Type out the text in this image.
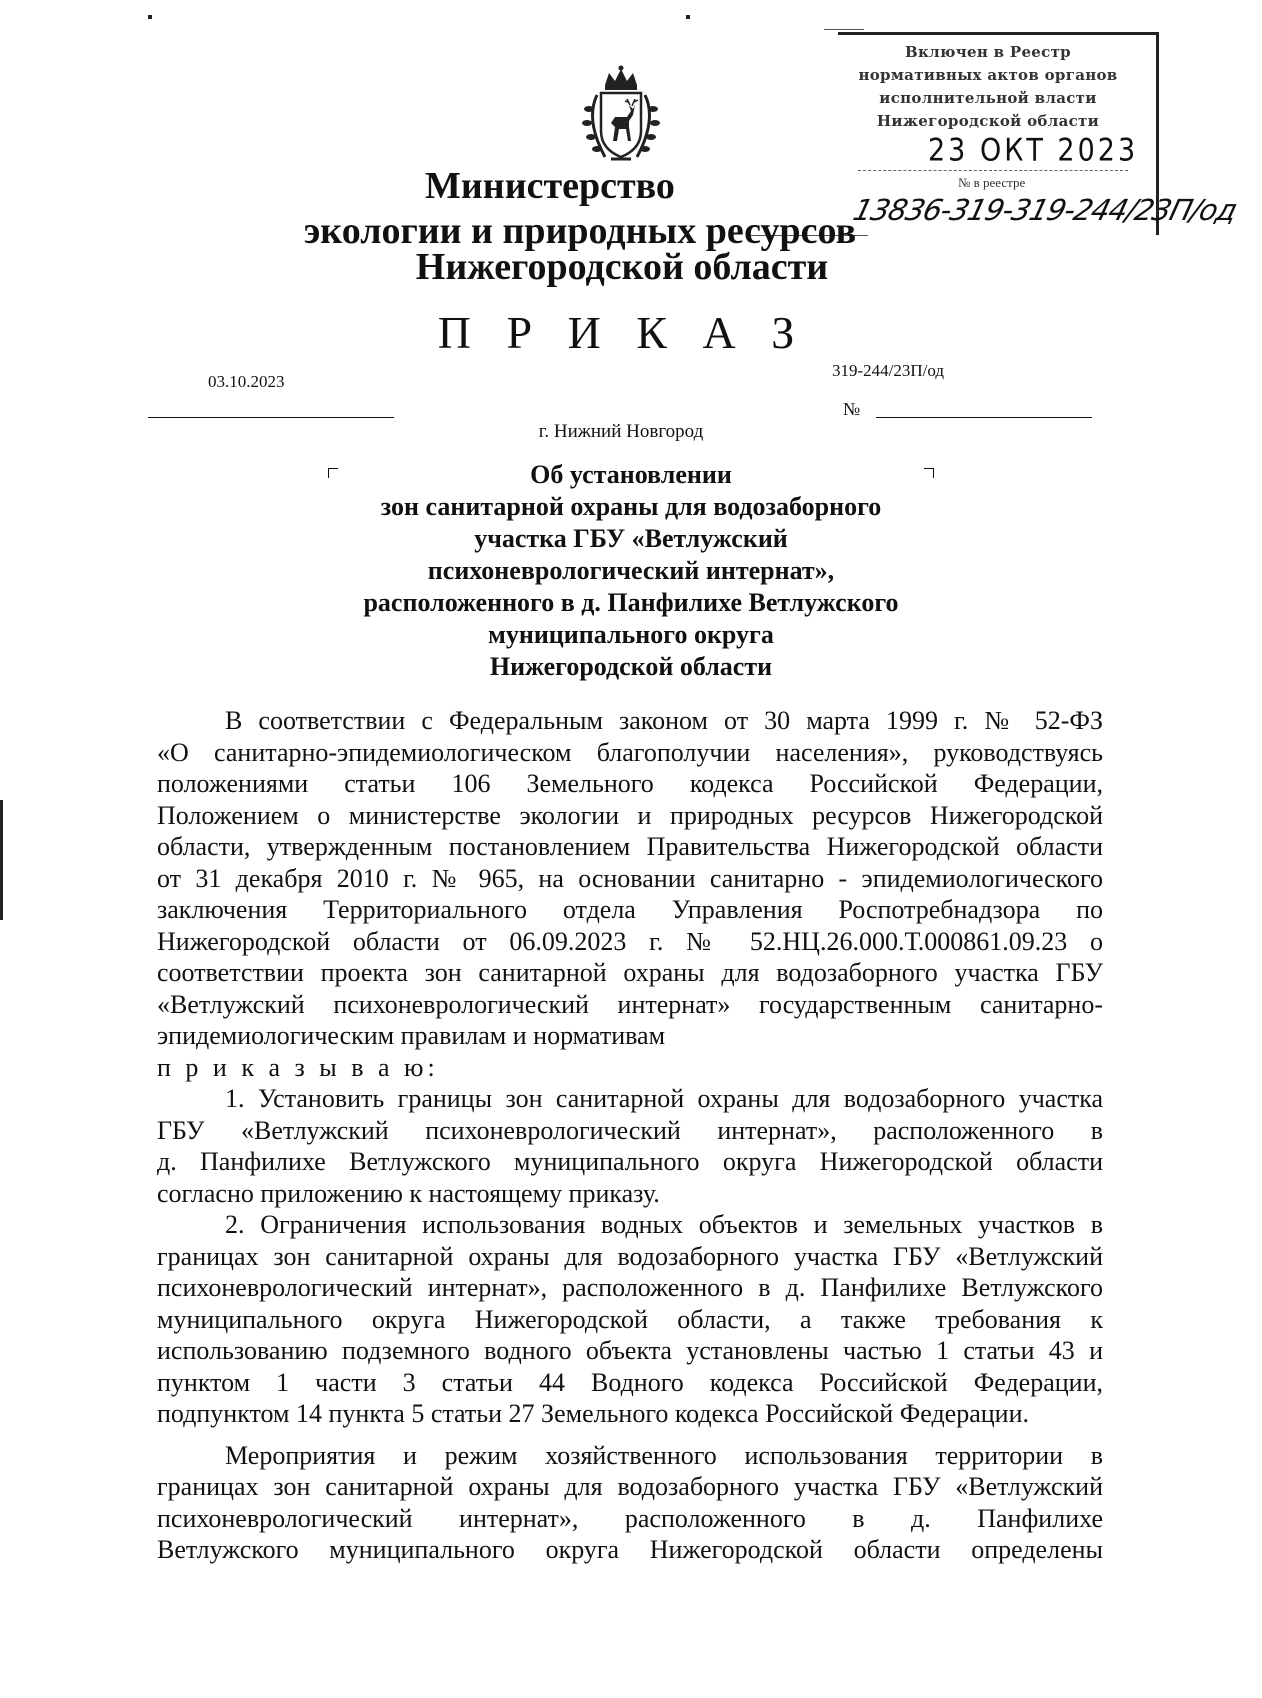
Включен в Реестр
нормативных актов органов
исполнительной власти
Нижегородской области
23 ОКТ 2023
№ в реестре
13836-319-319-244/23П/од
Министерство
экологии и природных ресурсов
Нижегородской области
П Р И К А З
03.10.2023
319-244/23П/од
№
г. Нижний Новгород
Об установлении
зон санитарной охраны для водозаборного
участка ГБУ «Ветлужский
психоневрологический интернат»,
расположенного в д. Панфилихе Ветлужского
муниципального округа
Нижегородской области

В соответствии с Федеральным законом от 30 марта 1999 г. № 52-ФЗ

«О санитарно-эпидемиологическом благополучии населения», руководствуясь

положениями статьи 106 Земельного кодекса Российской Федерации,

Положением о министерстве экологии и природных ресурсов Нижегородской

области, утвержденным постановлением Правительства Нижегородской области

от 31 декабря 2010 г. № 965, на основании санитарно - эпидемиологического

заключения Территориального отдела Управления Роспотребнадзора по

Нижегородской области от 06.09.2023 г. № 52.НЦ.26.000.Т.000861.09.23 о

соответствии проекта зон санитарной охраны для водозаборного участка ГБУ

«Ветлужский психоневрологический интернат» государственным санитарно-

эпидемиологическим правилам и нормативам

п р и к а з ы в а ю:

1. Установить границы зон санитарной охраны для водозаборного участка

ГБУ «Ветлужский психоневрологический интернат», расположенного в

д. Панфилихе Ветлужского муниципального округа Нижегородской области

согласно приложению к настоящему приказу.

2. Ограничения использования водных объектов и земельных участков в

границах зон санитарной охраны для водозаборного участка ГБУ «Ветлужский

психоневрологический интернат», расположенного в д. Панфилихе Ветлужского

муниципального округа Нижегородской области, а также требования к

использованию подземного водного объекта установлены частью 1 статьи 43 и

пунктом 1 части 3 статьи 44 Водного кодекса Российской Федерации,

подпунктом 14 пункта 5 статьи 27 Земельного кодекса Российской Федерации.

Мероприятия и режим хозяйственного использования территории в

границах зон санитарной охраны для водозаборного участка ГБУ «Ветлужский

психоневрологический интернат», расположенного в д. Панфилихе

Ветлужского муниципального округа Нижегородской области определены
